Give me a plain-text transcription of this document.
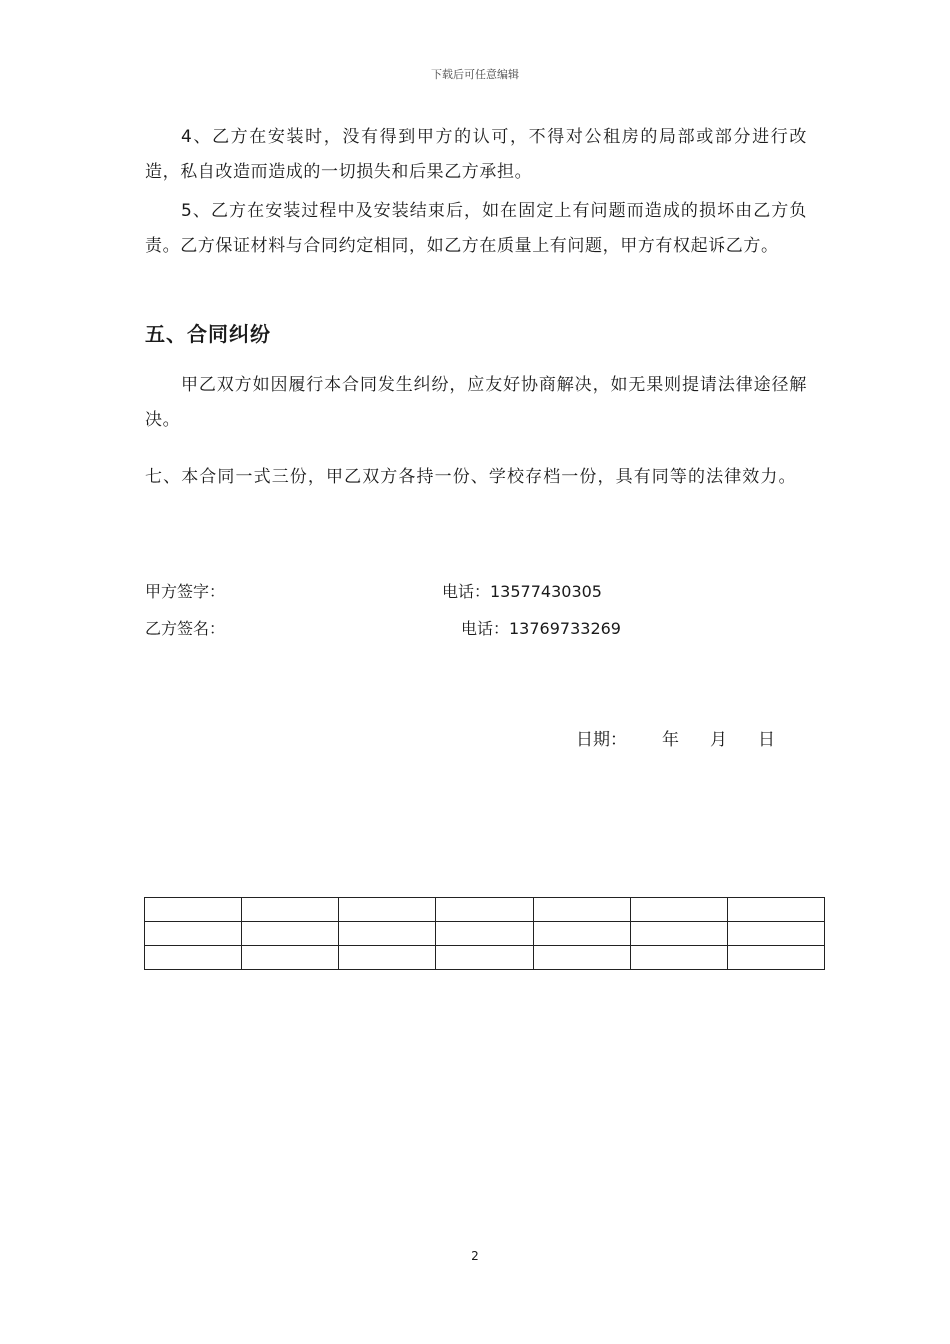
下载后可任意编辑

4、乙方在安装时，没有得到甲方的认可，不得对公租房的局部或部分进行改造，私自改造而造成的一切损失和后果乙方承担。

5、乙方在安装过程中及安装结束后，如在固定上有问题而造成的损坏由乙方负责。乙方保证材料与合同约定相同，如乙方在质量上有问题，甲方有权起诉乙方。

五、合同纠纷

甲乙双方如因履行本合同发生纠纷，应友好协商解决，如无果则提请法律途径解决。

七、本合同一式三份，甲乙双方各持一份、学校存档一份，具有同等的法律效力。

甲方签字：	电话：13577430305
乙方签名：	电话：13769733269
日期： 年 月 日

2
